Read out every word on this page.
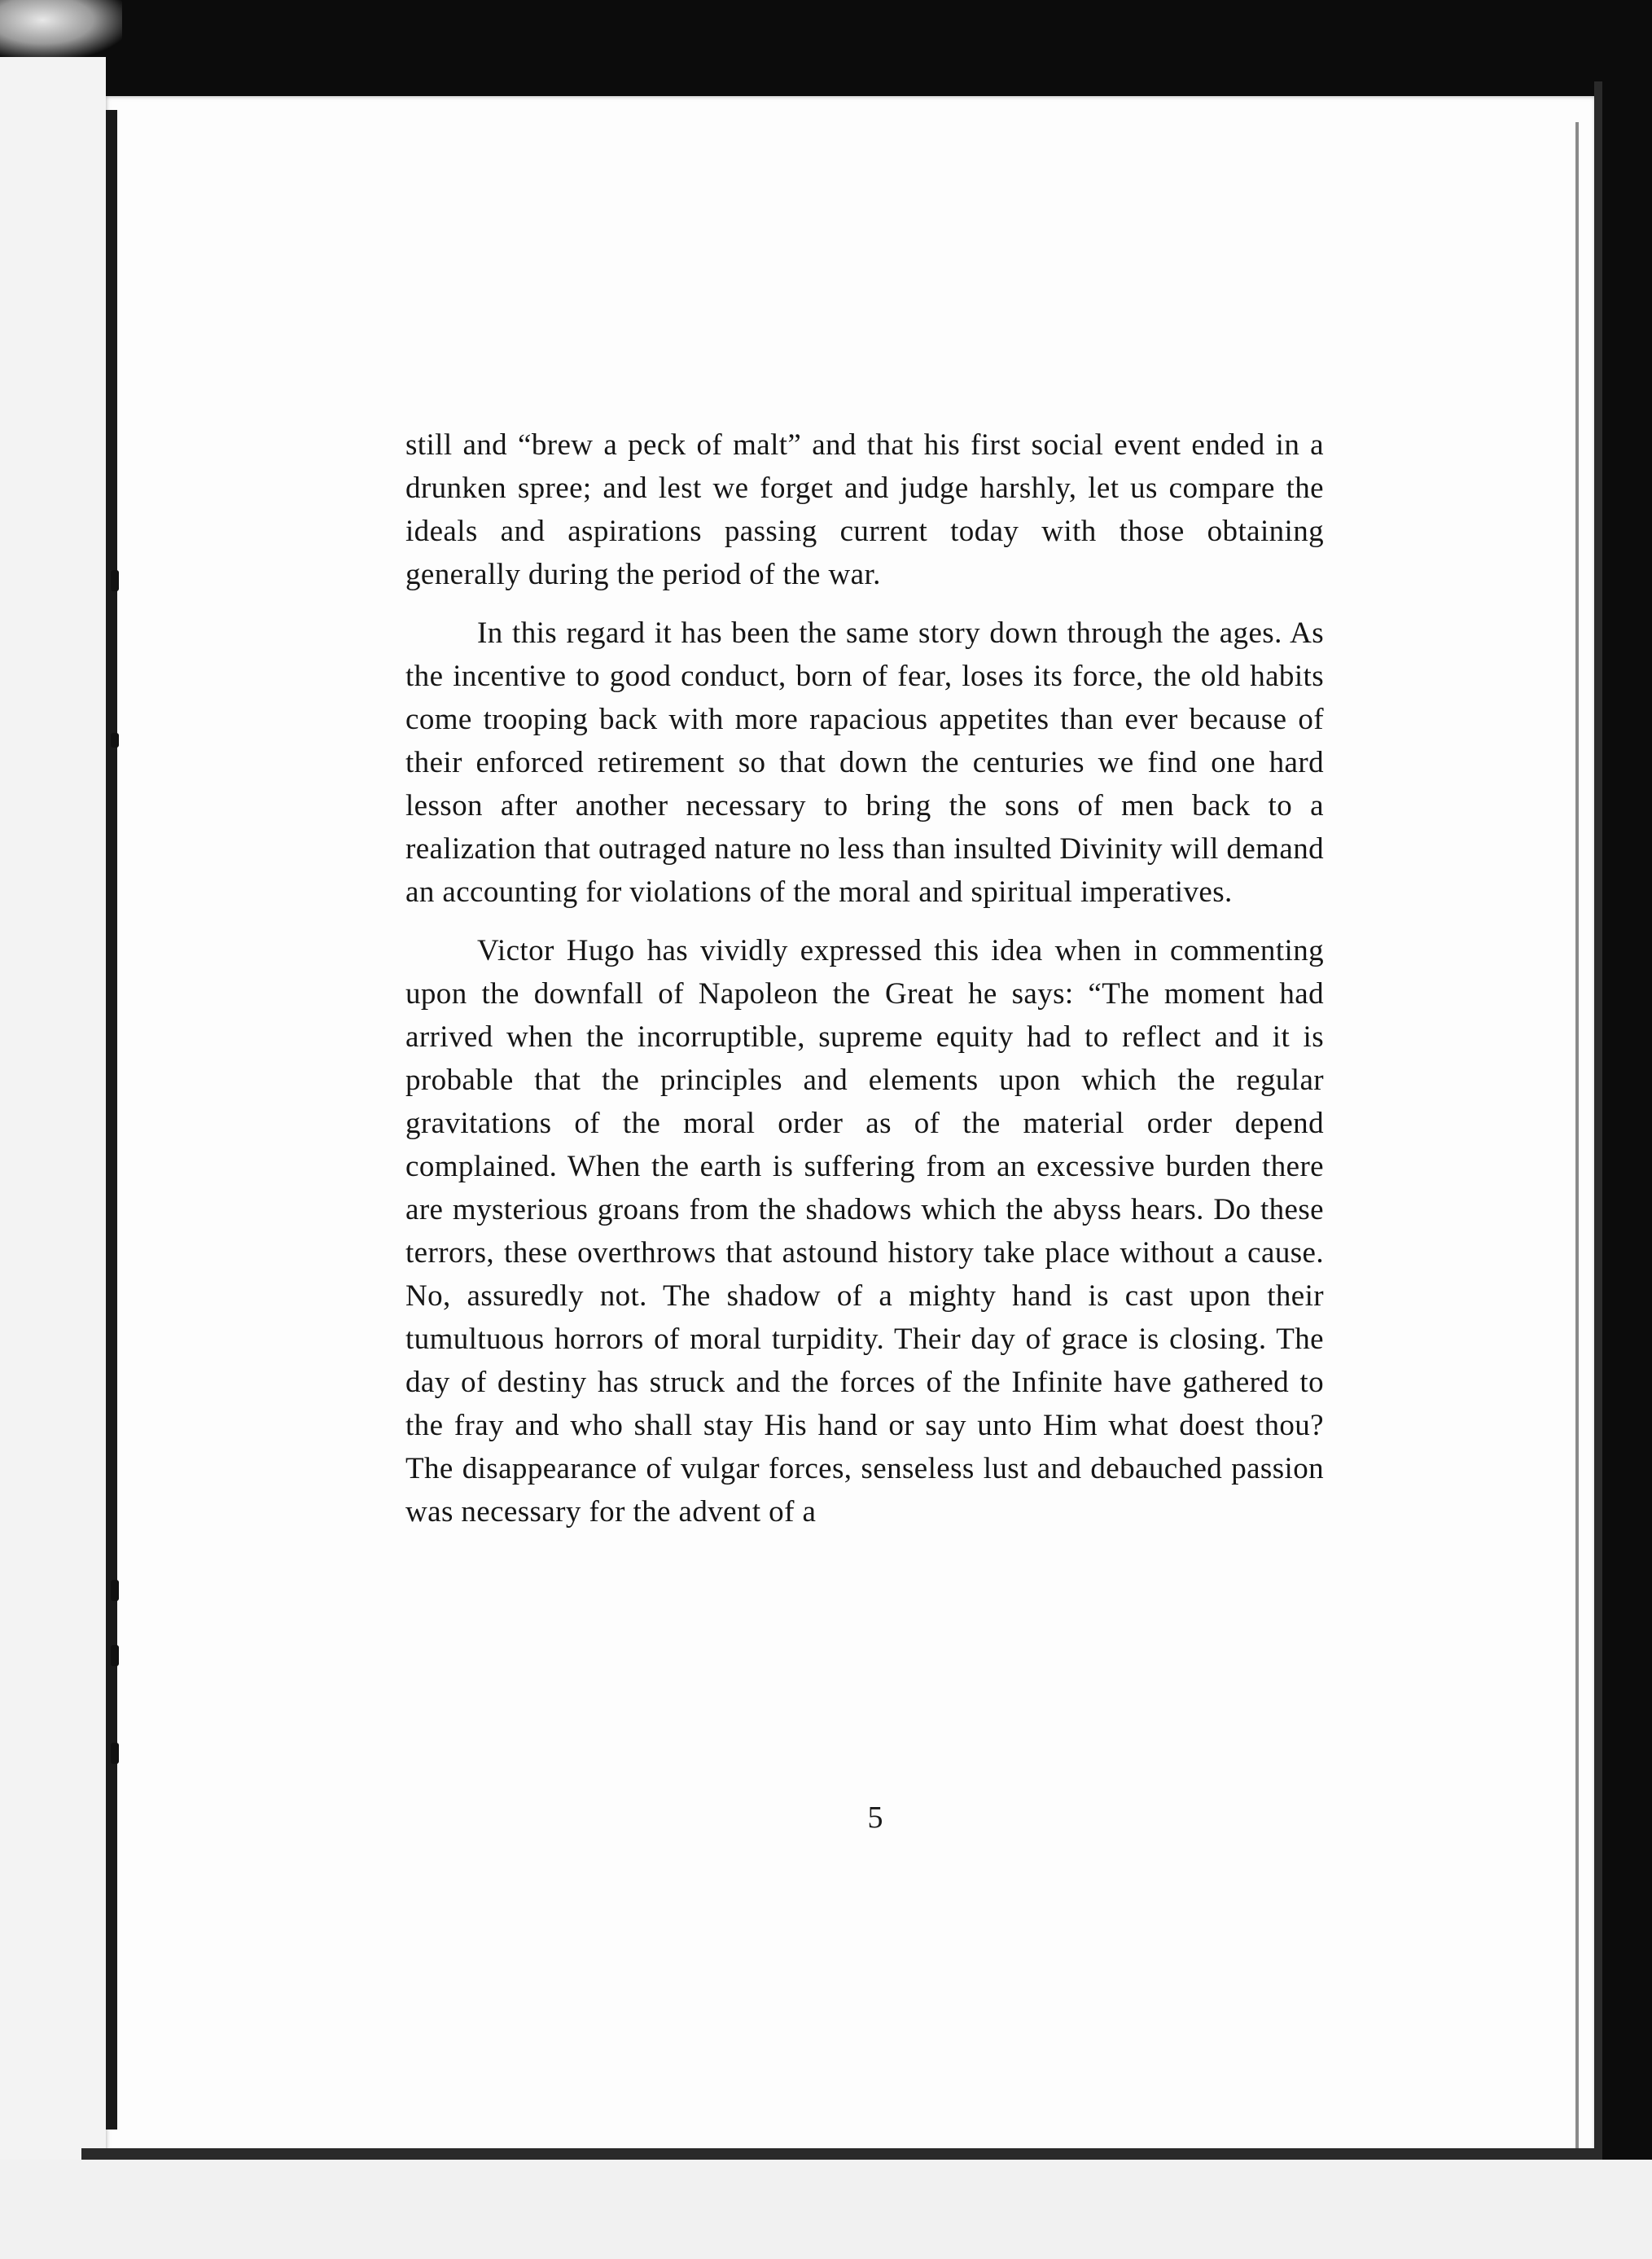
still and “brew a peck of malt” and that his first social event ended in a drunken spree; and lest we forget and judge harshly, let us compare the ideals and aspirations passing current today with those obtaining generally during the period of the war.

In this regard it has been the same story down through the ages. As the incentive to good conduct, born of fear, loses its force, the old habits come trooping back with more rapacious appetites than ever because of their enforced retirement so that down the centuries we find one hard lesson after another necessary to bring the sons of men back to a realization that outraged nature no less than insulted Divinity will demand an accounting for violations of the moral and spiritual imperatives.

Victor Hugo has vividly expressed this idea when in commenting upon the downfall of Napoleon the Great he says: “The moment had arrived when the incorruptible, supreme equity had to reflect and it is probable that the principles and elements upon which the regular gravitations of the moral order as of the material order depend complained. When the earth is suffering from an excessive burden there are mysterious groans from the shadows which the abyss hears. Do these terrors, these overthrows that astound history take place without a cause. No, assuredly not. The shadow of a mighty hand is cast upon their tumultuous horrors of moral turpidity. Their day of grace is closing. The day of destiny has struck and the forces of the Infinite have gathered to the fray and who shall stay His hand or say unto Him what doest thou? The disappearance of vulgar forces, senseless lust and debauched passion was necessary for the advent of a

5
